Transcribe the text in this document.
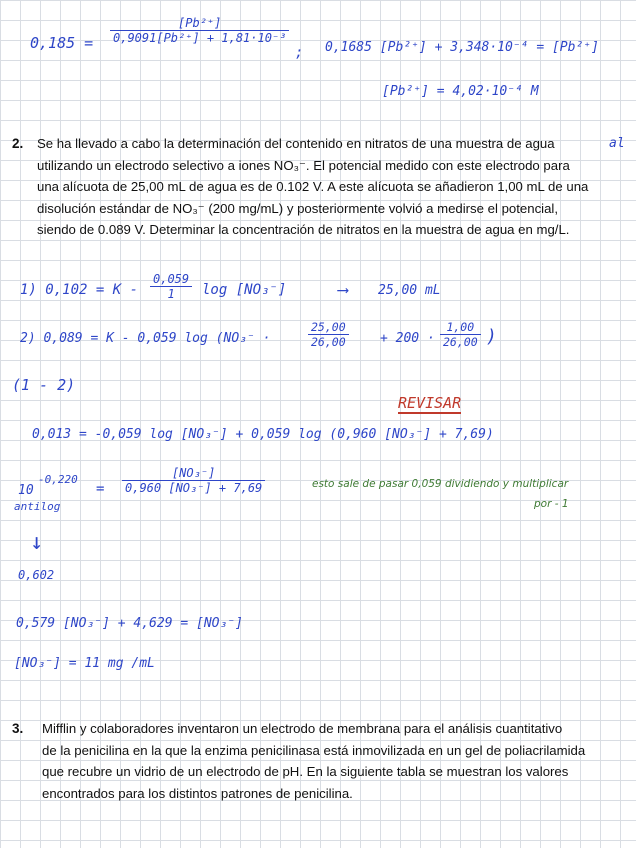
$0,185 = \frac{\text{[Pb²⁺]}}{\text{0,9091[Pb²⁺] + 1,81·10⁻³}}$
; 0,1685 [Pb²⁺] + 3,348·10⁻⁴ = [Pb²⁺]
[Pb²⁺] = 4,02·10⁻⁴ M
2. Se ha llevado a cabo la determinación del contenido en nitratos de una muestra de agua
utilizando un electrodo selectivo a iones NO₃⁻. El potencial medido con este electrodo para
una alícuota de 25,00 mL de agua es de 0.102 V. A este alícuota se añadieron 1,00 mL de una
disolución estándar de NO₃⁻ (200 mg/mL) y posteriormente volvió a medirse el potencial,
siendo de 0.089 V. Determinar la concentración de nitratos en la muestra de agua en mg/L.
al
1) $0,102 = K - \frac{0,059}{1}$ log [NO₃⁻]	⟶ 25,00 mL
2) 0,089 = K - 0,059 log (NO₃⁻ ·	$\frac{25,00}{26,00} + 200 \cdot \frac{1,00}{26,00}$ )
(1 - 2)
REVISAR
0,013 = -0,059 log [NO₃⁻] + 0,059 log (0,960 [NO₃⁻] + 7,69)
10
-0,220
antilog
= $\frac{\text{[NO₃⁻]}}{\text{0,960 [NO₃⁻] + 7,69}}$	esto sale de pasar 0,059 dividiendo y multiplicar
por - 1
↓
0,602
0,579 [NO₃⁻] + 4,629 = [NO₃⁻]
[NO₃⁻] = 11 mg /mL
3. Mifflin y colaboradores inventaron un electrodo de membrana para el análisis cuantitativo
de la penicilina en la que la enzima penicilinasa está inmovilizada en un gel de poliacrilamida
que recubre un vidrio de un electrodo de pH. En la siguiente tabla se muestran los valores
encontrados para los distintos patrones de penicilina.
